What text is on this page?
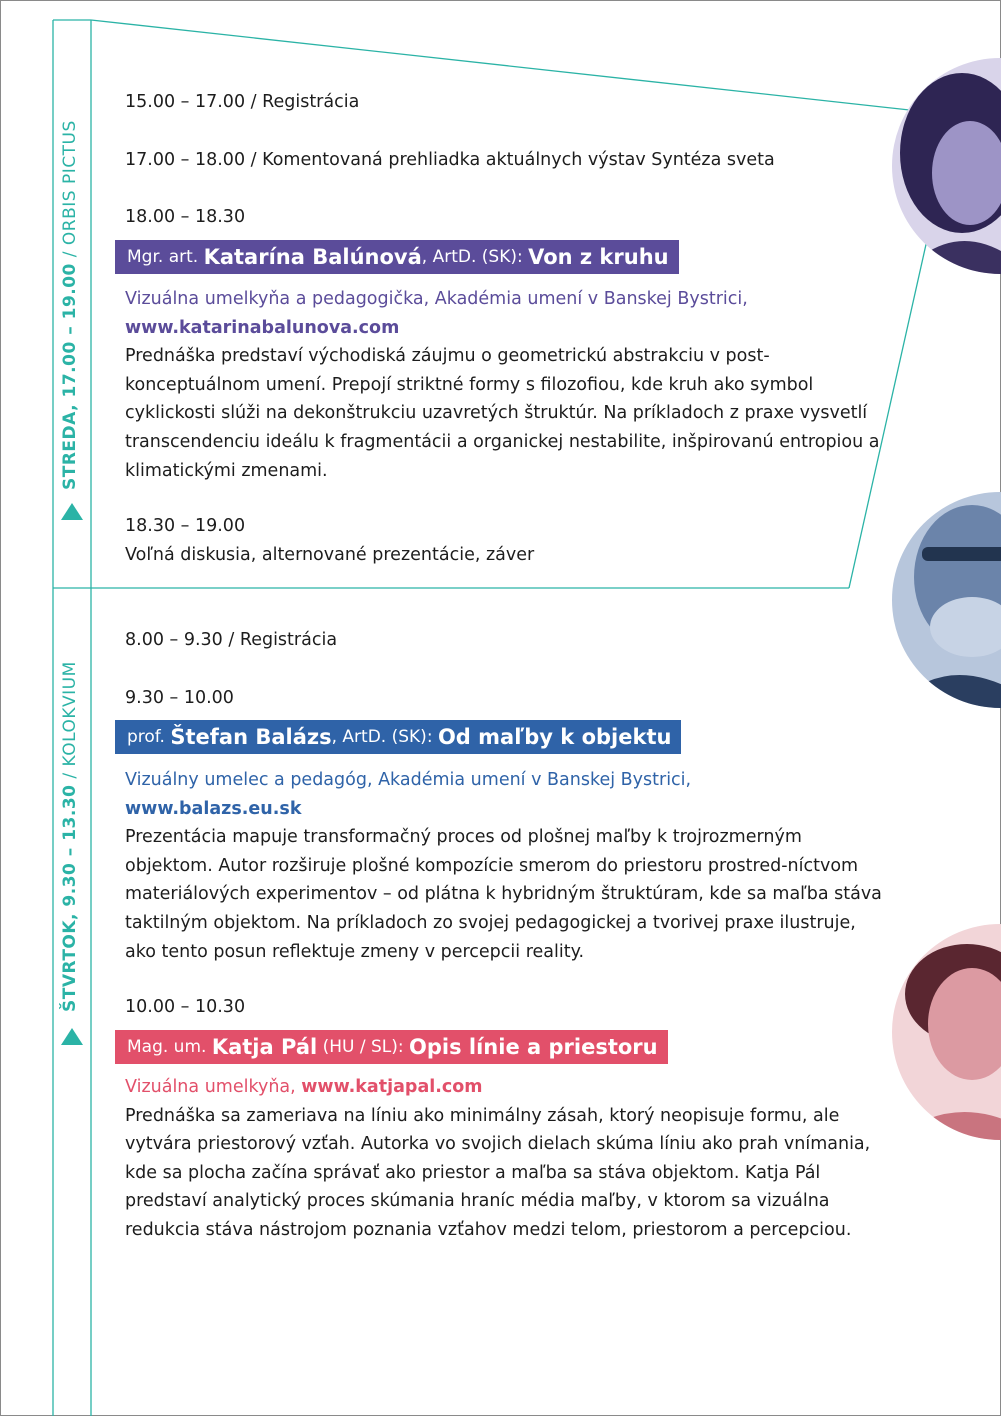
STREDA, 17.00 – 19.00 / ORBIS PICTUS
ŠTVRTOK, 9.30 – 13.30 / KOLOKVIUM
15.00 – 17.00 / Registrácia
17.00 – 18.00 / Komentovaná prehliadka aktuálnych výstav Syntéza sveta
18.00 – 18.30
Mgr. art. Katarína Balúnová , ArtD. (SK): Von z kruhu
Vizuálna umelkyňa a pedagogička, Akadémia umení v Banskej Bystrici,
www.katarinabalunova.com
Prednáška predstaví východiská záujmu o geometrickú abstrakciu v post-konceptuálnom umení. Prepojí striktné formy s filozofiou, kde kruh ako symbol cyklickosti slúži na dekonštrukciu uzavretých štruktúr. Na príkladoch z praxe vysvetlí transcendenciu ideálu k fragmentácii a organickej nestabilite, inšpirovanú entropiou a klimatickými zmenami.
18.30 – 19.00
Voľná diskusia, alternované prezentácie, záver
8.00 – 9.30 / Registrácia
9.30 – 10.00
prof. Štefan Balázs , ArtD. (SK): Od maľby k objektu
Vizuálny umelec a pedagóg, Akadémia umení v Banskej Bystrici,
www.balazs.eu.sk
Prezentácia mapuje transformačný proces od plošnej maľby k trojrozmerným objektom. Autor rozširuje plošné kompozície smerom do priestoru prostred-níctvom materiálových experimentov – od plátna k hybridným štruktúram, kde sa maľba stáva taktilným objektom. Na príkladoch zo svojej pedagogickej a tvorivej praxe ilustruje, ako tento posun reflektuje zmeny v percepcii reality.
10.00 – 10.30
Mag. um. Katja Pál (HU / SL): Opis línie a priestoru
Vizuálna umelkyňa, www.katjapal.com
Prednáška sa zameriava na líniu ako minimálny zásah, ktorý neopisuje formu, ale vytvára priestorový vzťah. Autorka vo svojich dielach skúma líniu ako prah vnímania, kde sa plocha začína správať ako priestor a maľba sa stáva objektom. Katja Pál predstaví analytický proces skúmania hraníc média maľby, v ktorom sa vizuálna redukcia stáva nástrojom poznania vzťahov medzi telom, priestorom a percepciou.
